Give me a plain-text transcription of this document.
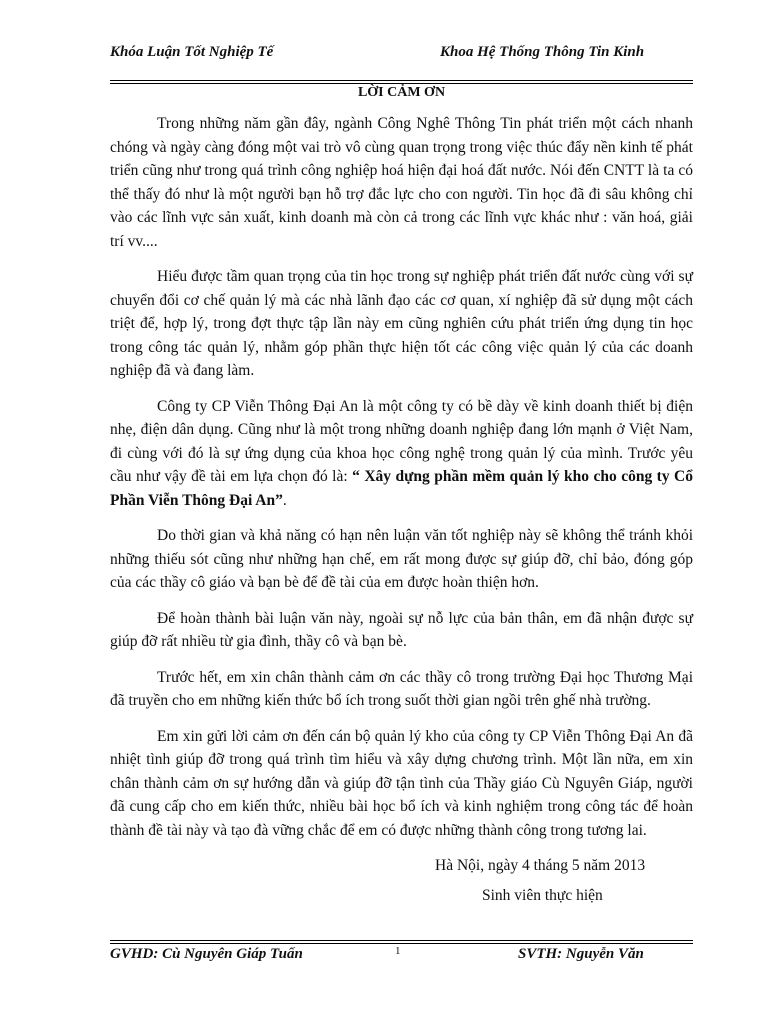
Khóa Luận Tốt Nghiệp Tế	Khoa Hệ Thống Thông Tin Kinh
LỜI CẢM ƠN

Trong những năm gần đây, ngành Công Nghê Thông Tin phát triển một cách nhanh chóng và ngày càng đóng một vai trò vô cùng quan trọng trong việc thúc đẩy nền kinh tế phát triển cũng như trong quá trình công nghiệp hoá hiện đại hoá đất nước. Nói đến CNTT là ta có thể thấy đó như là một người bạn hỗ trợ đắc lực cho con người. Tin học đã đi sâu không chỉ vào các lĩnh vực sản xuất, kinh doanh mà còn cả trong các lĩnh vực khác như : văn hoá, giải trí vv....

Hiểu được tầm quan trọng của tin học trong sự nghiệp phát triển đất nước cùng với sự chuyển đổi cơ chế quản lý mà các nhà lãnh đạo các cơ quan, xí nghiệp đã sử dụng một cách triệt để, hợp lý, trong đợt thực tập lần này em cũng nghiên cứu phát triển ứng dụng tin học trong công tác quản lý, nhằm góp phần thực hiện tốt các công việc quản lý của các doanh nghiệp đã và đang làm.

Công ty CP Viễn Thông Đại An là một công ty có bề dày về kinh doanh thiết bị điện nhẹ, điện dân dụng. Cũng như là một trong những doanh nghiệp đang lớn mạnh ở Việt Nam, đi cùng với đó là sự ứng dụng của khoa học công nghệ trong quản lý của mình. Trước yêu cầu như vậy đề tài em lựa chọn đó là: “ Xây dựng phần mềm quản lý kho cho công ty Cổ Phần Viễn Thông Đại An”.

Do thời gian và khả năng có hạn nên luận văn tốt nghiệp này sẽ không thể tránh khỏi những thiếu sót cũng như những hạn chế, em rất mong được sự giúp đỡ, chỉ bảo, đóng góp của các thầy cô giáo và bạn bè để đề tài của em được hoàn thiện hơn.

Để hoàn thành bài luận văn này, ngoài sự nỗ lực của bản thân, em đã nhận được sự giúp đỡ rất nhiều từ gia đình, thầy cô và bạn bè.

Trước hết, em xin chân thành cảm ơn các thầy cô trong trường Đại học Thương Mại đã truyền cho em những kiến thức bổ ích trong suốt thời gian ngồi trên ghế nhà trường.

Em xin gửi lời cảm ơn đến cán bộ quản lý kho của công ty CP Viễn Thông Đại An đã nhiệt tình giúp đỡ trong quá trình tìm hiểu và xây dựng chương trình. Một lần nữa, em xin chân thành cảm ơn sự hướng dẫn và giúp đỡ tận tình của Thầy giáo Cù Nguyên Giáp, người đã cung cấp cho em kiến thức, nhiều bài học bổ ích và kinh nghiệm trong công tác để hoàn thành đề tài này và tạo đà vững chắc để em có được những thành công trong tương lai.

Hà Nội, ngày 4 tháng 5 năm 2013

Sinh viên thực hiện

GVHD: Cù Nguyên Giáp Tuấn	1	SVTH: Nguyễn Văn
